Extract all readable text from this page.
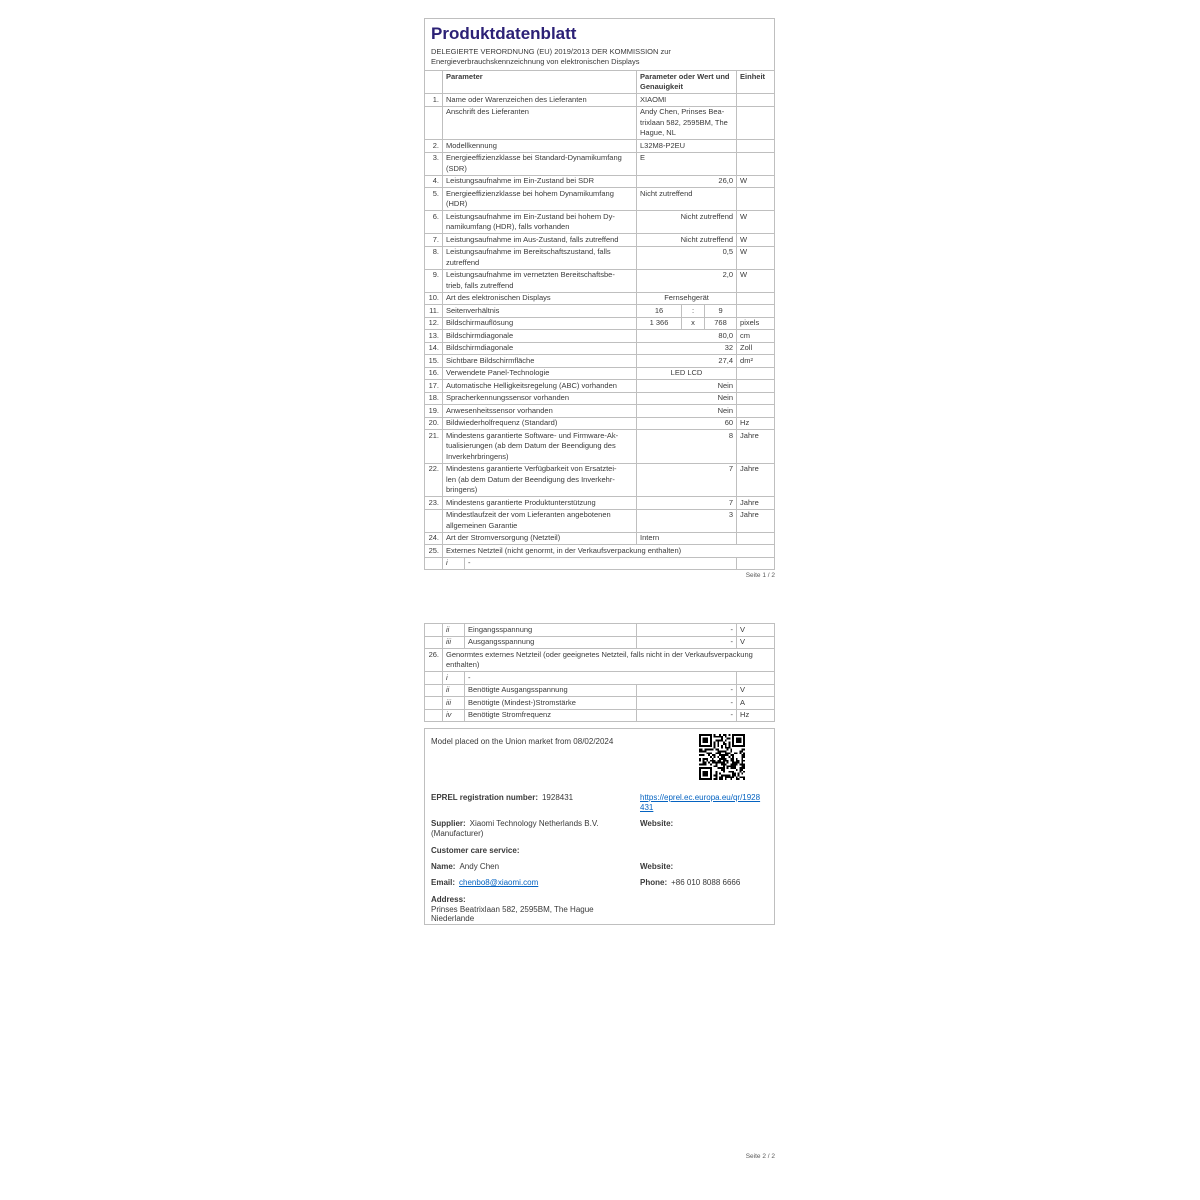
Produktdatenblatt
DELEGIERTE VERORDNUNG (EU) 2019/2013 DER KOMMISSION zur
Energieverbrauchskennzeichnung von elektronischen Displays
	Parameter		Parameter oder Wert und
Genauigkeit			Einheit
1.	Name oder Warenzeichen des Lieferanten		XIAOMI			
	Anschrift des Lieferanten		Andy Chen, Prinses Bea-
trixlaan 582, 2595BM, The
Hague, NL			
2.	Modellkennung		L32M8-P2EU			
3.	Energieeffizienzklasse bei Standard-Dynamikumfang
(SDR)		E			
4.	Leistungsaufnahme im Ein-Zustand bei SDR		26,0			W
5.	Energieeffizienzklasse bei hohem Dynamikumfang
(HDR)		Nicht zutreffend			
6.	Leistungsaufnahme im Ein-Zustand bei hohem Dy-
namikumfang (HDR), falls vorhanden		Nicht zutreffend			W
7.	Leistungsaufnahme im Aus-Zustand, falls zutreffend		Nicht zutreffend			W
8.	Leistungsaufnahme im Bereitschaftszustand, falls
zutreffend		0,5			W
9.	Leistungsaufnahme im vernetzten Bereitschaftsbe-
trieb, falls zutreffend		2,0			W
10.	Art des elektronischen Displays		Fernsehgerät			
11.	Seitenverhältnis		16	:	9	
12.	Bildschirmauflösung		1 366	x	768	pixels
13.	Bildschirmdiagonale		80,0			cm
14.	Bildschirmdiagonale		32			Zoll
15.	Sichtbare Bildschirmfläche		27,4			dm²
16.	Verwendete Panel-Technologie		LED LCD			
17.	Automatische Helligkeitsregelung (ABC) vorhanden		Nein			
18.	Spracherkennungssensor vorhanden		Nein			
19.	Anwesenheitssensor vorhanden		Nein			
20.	Bildwiederholfrequenz (Standard)		60			Hz
21.	Mindestens garantierte Software- und Firmware-Ak-
tualisierungen (ab dem Datum der Beendigung des
Inverkehrbringens)		8			Jahre
22.	Mindestens garantierte Verfügbarkeit von Ersatztei-
len (ab dem Datum der Beendigung des Inverkehr-
bringens)		7			Jahre
23.	Mindestens garantierte Produktunterstützung		7			Jahre
	Mindestlaufzeit der vom Lieferanten angebotenen
allgemeinen Garantie		3			Jahre
24.	Art der Stromversorgung (Netzteil)		Intern			
25.	Externes Netzteil (nicht genormt, in der Verkaufsverpackung enthalten)					
	i	-				
Seite 1 / 2
	ii	Eingangsspannung	-	V
	iii	Ausgangsspannung	-	V
26.	Genormtes externes Netzteil (oder geeignetes Netzteil, falls nicht in der Verkaufsverpackung
enthalten)			
	i	-		
	ii	Benötigte Ausgangsspannung	-	V
	iii	Benötigte (Mindest-)Stromstärke	-	A
	iv	Benötigte Stromfrequenz	-	Hz
Model placed on the Union market from 08/02/2024
EPREL registration number: 1928431	https://eprel.ec.europa.eu/qr/1928431
Supplier: Xiaomi Technology Netherlands B.V. (Manufacturer)
Website:
Customer care service:
Name: Andy Chen	Website:
Email: chenbo8@xiaomi.com	Phone: +86 010 8088 6666
Address:
Prinses Beatrixlaan 582, 2595BM, The Hague
Niederlande
Seite 2 / 2
